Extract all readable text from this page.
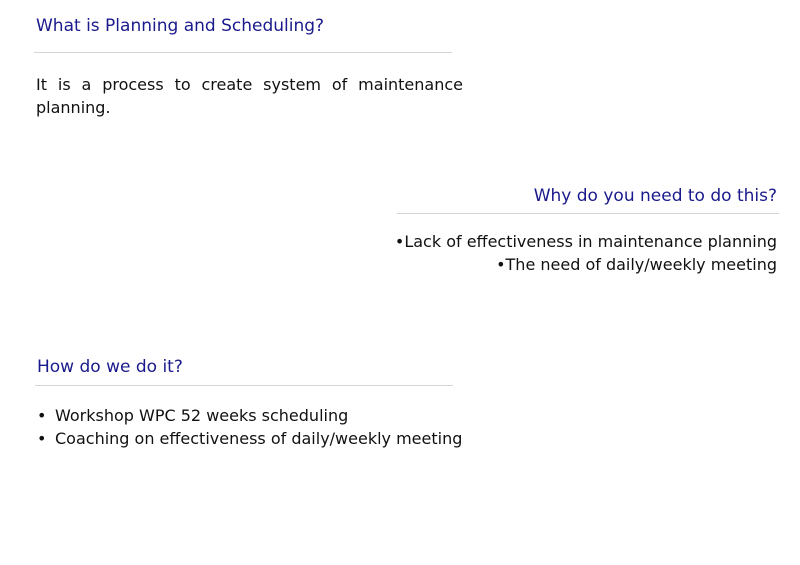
What is Planning and Scheduling?

It is a process to create system of maintenance planning.

Why do you need to do this?
•Lack of effectiveness in maintenance planning
•The need of daily/weekly meeting
How do we do it?
• Workshop WPC 52 weeks scheduling
• Coaching on effectiveness of daily/weekly meeting
